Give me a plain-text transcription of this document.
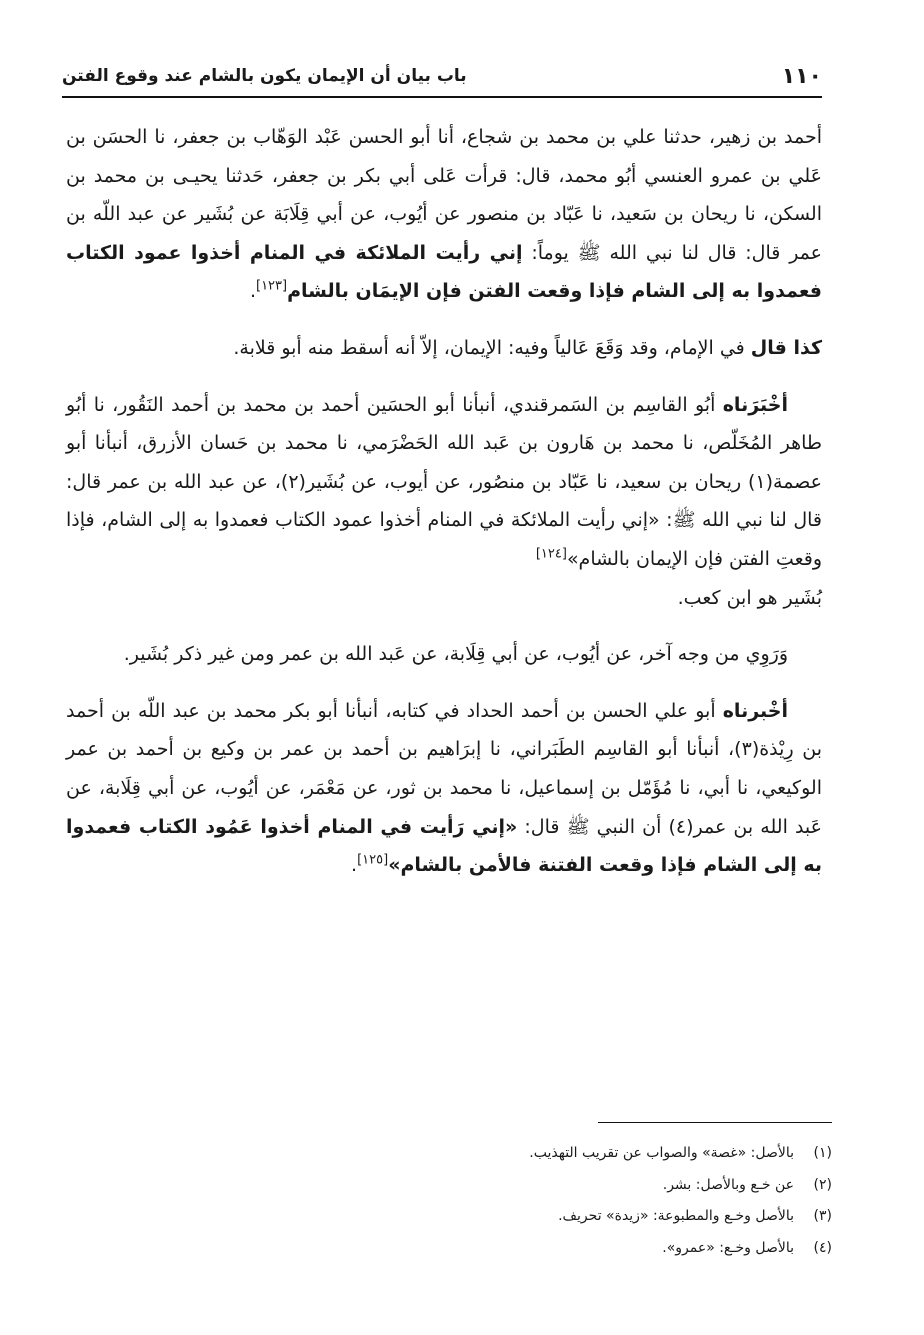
١١٠
باب بيان أن الإيمان يكون بالشام عند وقوع الفتن
أحمد بن زهير، حدثنا علي بن محمد بن شجاع، أنا أبو الحسن عَبْد الوَهّاب بن جعفر، نا الحسَن بن عَلي بن عمرو العنسي أبُو محمد، قال: قرأت عَلى أبي بكر بن جعفر، حَدثنا يحيـى بن محمد بن السكن، نا ريحان بن سَعيد، نا عَبّاد بن منصور عن أيُوب، عن أبي قِلَابَة عن بُشَير عن عبد اللّه بن عمر قال: قال لنا نبي الله ﷺ يوماً: إني رأيت الملائكة في المنام أخذوا عمود الكتاب فعمدوا به إلى الشام فإذا وقعت الفتن فإن الإيمَان بالشام[١٢٣].
كذا قال في الإمام، وقد وَقَعَ عَالياً وفيه: الإيمان، إلاّ أنه أسقط منه أبو قلابة.
أخْبَرَناه أبُو القاسِم بن السَمرقندي، أنبأنا أبو الحسَين أحمد بن محمد بن أحمد النَقُور، نا أبُو طاهر المُخَلّص، نا محمد بن هَارون بن عَبد الله الحَضْرَمي، نا محمد بن حَسان الأزرق، أنبأنا أبو عصمة(١) ريحان بن سعيد، نا عَبّاد بن منصُور، عن أيوب، عن بُشَير(٢)، عن عبد الله بن عمر قال: قال لنا نبي الله ﷺ: «إني رأيت الملائكة في المنام أخذوا عمود الكتاب فعمدوا به إلى الشام، فإذا وقعتِ الفتن فإن الإيمان بالشام»[١٢٤]
بُشَير هو ابن كعب.
وَرَوِي من وجه آخر، عن أيُوب، عن أبي قِلَابة، عن عَبد الله بن عمر ومن غير ذكر بُشَير.
أخْبرناه أبو علي الحسن بن أحمد الحداد في كتابه، أنبأنا أبو بكر محمد بن عبد اللّه بن أحمد بن رِيْذة(٣)، أنبأنا أبو القاسِم الطَبَراني، نا إبرَاهيم بن أحمد بن عمر بن وكيع بن أحمد بن عمر الوكيعي، نا أبي، نا مُؤَمّل بن إسماعيل، نا محمد بن ثور، عن مَعْمَر، عن أيُوب، عن أبي قِلَابة، عن عَبد الله بن عمر(٤) أن النبي ﷺ قال: «إني رَأيت في المنام أخذوا عَمُود الكتاب فعمدوا به إلى الشام فإذا وقعت الفتنة فالأمن بالشام»[١٢٥].
(١)
بالأصل: «غصة» والصواب عن تقريب التهذيب.
(٢)
عن خـع وبالأصل: بشر.
(٣)
بالأصل وخـع والمطبوعة: «زيدة» تحريف.
(٤)
بالأصل وخـع: «عمرو».
